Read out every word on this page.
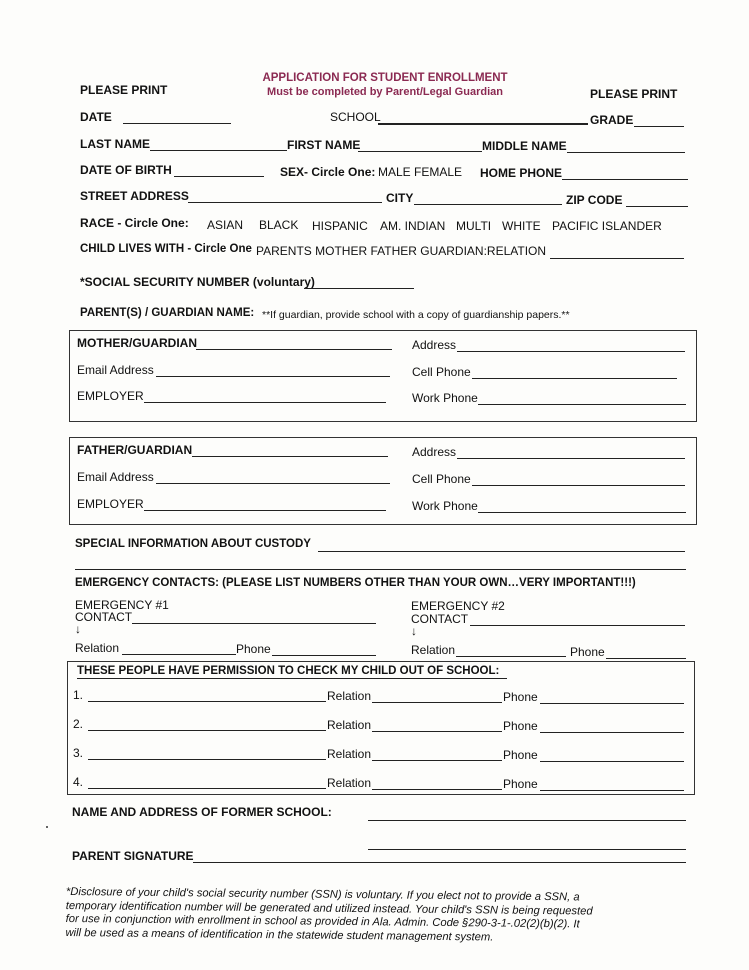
PLEASE PRINT
APPLICATION FOR STUDENT ENROLLMENT
Must be completed by Parent/Legal Guardian	PLEASE PRINT
DATE	SCHOOL	GRADE
LAST NAME	FIRST NAME	MIDDLE NAME
DATE OF BIRTH	SEX- Circle One: MALE FEMALE HOME PHONE
STREET ADDRESS	CITY	ZIP CODE
RACE - Circle One: ASIAN BLACK HISPANIC AM. INDIAN MULTI WHITE PACIFIC ISLANDER
CHILD LIVES WITH - Circle One PARENTS MOTHER FATHER GUARDIAN:RELATION
*SOCIAL SECURITY NUMBER (voluntary)
PARENT(S) / GUARDIAN NAME: **If guardian, provide school with a copy of guardianship papers.**
MOTHER/GUARDIAN
Email Address
EMPLOYER
Address
Cell Phone
Work Phone
FATHER/GUARDIAN
Email Address
EMPLOYER
Address
Cell Phone
Work Phone
SPECIAL INFORMATION ABOUT CUSTODY
EMERGENCY CONTACTS: (PLEASE LIST NUMBERS OTHER THAN YOUR OWN…VERY IMPORTANT!!!)
EMERGENCY #1
CONTACT
↓
Relation	Phone
EMERGENCY #2
CONTACT
↓
Relation	Phone
THESE PEOPLE HAVE PERMISSION TO CHECK MY CHILD OUT OF SCHOOL:
1.	Relation	Phone
2.	Relation	Phone
3.	Relation	Phone
4.	Relation	Phone
NAME AND ADDRESS OF FORMER SCHOOL:
PARENT SIGNATURE
*Disclosure of your child's social security number (SSN) is voluntary. If you elect not to provide a SSN, a
temporary identification number will be generated and utilized instead. Your child's SSN is being requested
for use in conjunction with enrollment in school as provided in Ala. Admin. Code §290-3-1-.02(2)(b)(2). It
will be used as a means of identification in the statewide student management system.
